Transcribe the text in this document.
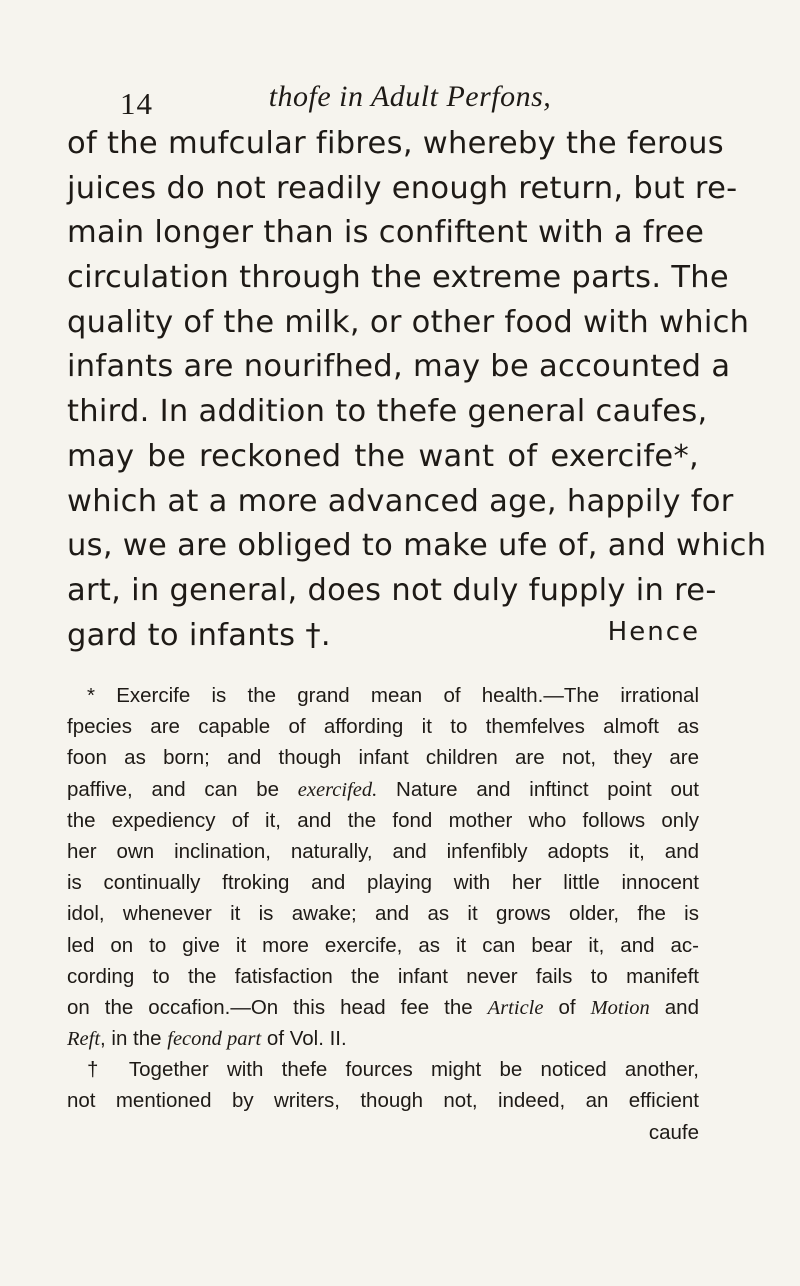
14	thofe in Adult Perfons,
of the mufcular fibres, whereby the ferous
juices do not readily enough return, but re-
main longer than is confiftent with a free
circulation through the extreme parts. The
quality of the milk, or other food with which
infants are nourifhed, may be accounted a
third. In addition to thefe general caufes,
may be reckoned the want of exercife*,
which at a more advanced age, happily for
us, we are obliged to make ufe of, and which
art, in general, does not duly fupply in re-
gard to infants †.	Hence
* Exercife is the grand mean of health.—The irrational
fpecies are capable of affording it to themfelves almoft as
foon as born; and though infant children are not, they are
paffive, and can be exercifed. Nature and inftinct point out
the expediency of it, and the fond mother who follows only
her own inclination, naturally, and infenfibly adopts it, and
is continually ftroking and playing with her little innocent
idol, whenever it is awake; and as it grows older, fhe is
led on to give it more exercife, as it can bear it, and ac-
cording to the fatisfaction the infant never fails to manifeft
on the occafion.—On this head fee the Article of Motion and
Reft, in the fecond part of Vol. II.
† Together with thefe fources might be noticed another,
not mentioned by writers, though not, indeed, an efficient
caufe
